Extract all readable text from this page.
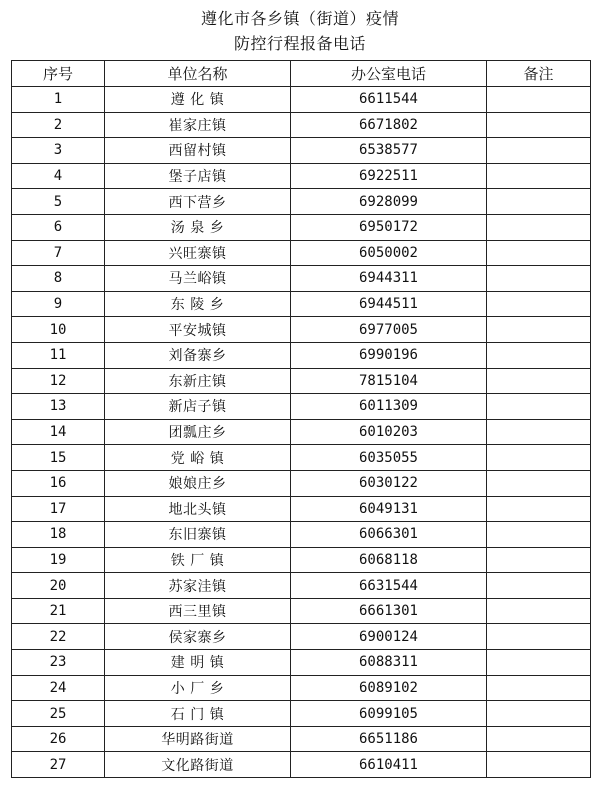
遵化市各乡镇（街道）疫情
防控行程报备电话
序号	单位名称	办公室电话	备注
1	遵 化 镇	6611544	
2	崔家庄镇	6671802	
3	西留村镇	6538577	
4	堡子店镇	6922511	
5	西下营乡	6928099	
6	汤 泉 乡	6950172	
7	兴旺寨镇	6050002	
8	马兰峪镇	6944311	
9	东 陵 乡	6944511	
10	平安城镇	6977005	
11	刘备寨乡	6990196	
12	东新庄镇	7815104	
13	新店子镇	6011309	
14	团瓢庄乡	6010203	
15	党 峪 镇	6035055	
16	娘娘庄乡	6030122	
17	地北头镇	6049131	
18	东旧寨镇	6066301	
19	铁 厂 镇	6068118	
20	苏家洼镇	6631544	
21	西三里镇	6661301	
22	侯家寨乡	6900124	
23	建 明 镇	6088311	
24	小 厂 乡	6089102	
25	石 门 镇	6099105	
26	华明路街道	6651186	
27	文化路街道	6610411	
